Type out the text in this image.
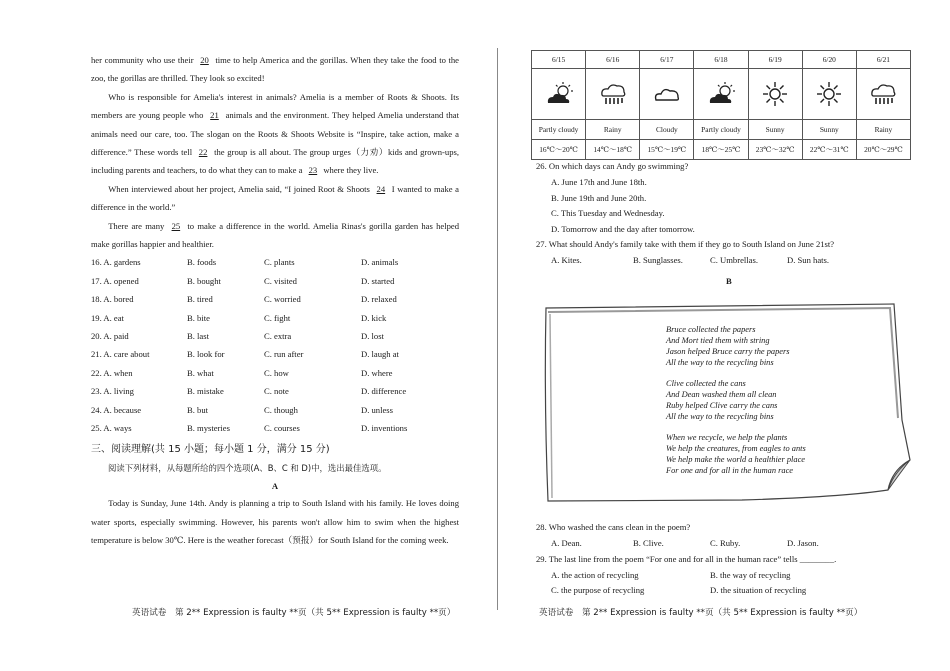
her community who use their 20 time to help America and the gorillas. When they take the food to the zoo, the gorillas are thrilled. They look so excited!

Who is responsible for Amelia's interest in animals? Amelia is a member of Roots & Shoots. Its members are young people who 21 animals and the environment. They helped Amelia understand that animals need our care, too. The slogan on the Roots & Shoots Website is “Inspire, take action, make a difference.” These words tell 22 the group is all about. The group urges（力劝）kids and grown-ups, including parents and teachers, to do what they can to make a 23 where they live.

When interviewed about her project, Amelia said, “I joined Root & Shoots 24 I wanted to make a difference in the world.”

There are many 25 to make a difference in the world. Amelia Rinas's gorilla garden has helped make gorillas happier and healthier.

16. A. gardens	B. foods	C. plants	D. animals
17. A. opened	B. bought	C. visited	D. started
18. A. bored	B. tired	C. worried	D. relaxed
19. A. eat	B. bite	C. fight	D. kick
20. A. paid	B. last	C. extra	D. lost
21. A. care about	B. look for	C. run after	D. laugh at
22. A. when	B. what	C. how	D. where
23. A. living	B. mistake	C. note	D. difference
24. A. because	B. but	C. though	D. unless
25. A. ways	B. mysteries	C. courses	D. inventions
三、阅读理解(共 15 小题；每小题 1 分，满分 15 分)
阅读下列材料，从每题所给的四个选项(A、B、C 和 D)中，选出最佳选项。
A

Today is Sunday, June 14th. Andy is planning a trip to South Island with his family. He loves doing water sports, especially swimming. However, his parents won't allow him to swim when the highest temperature is below 30℃. Here is the weather forecast（预报）for South Island for the coming week.

英语试卷　第 2** Expression is faulty **页（共 5** Expression is faulty **页）
6/15	6/16	6/17	6/18	6/19	6/20	6/21

Partly cloudy	Rainy	Cloudy	Partly cloudy	Sunny	Sunny	Rainy
16℃～20℃	14℃～18℃	15℃～19℃	18℃～25℃	23℃～32℃	22℃～31℃	20℃～29℃
26. On which days can Andy go swimming?
A. June 17th and June 18th.
B. June 19th and June 20th.
C. This Tuesday and Wednesday.
D. Tomorrow and the day after tomorrow.
27. What should Andy's family take with them if they go to South Island on June 21st?
A. Kites.	B. Sunglasses.	C. Umbrellas.	D. Sun hats.
B
Bruce collected the papers
And Mort tied them with string
Jason helped Bruce carry the papers
All the way to the recycling bins
Clive collected the cans
And Dean washed them all clean
Ruby helped Clive carry the cans
All the way to the recycling bins
When we recycle, we help the plants
We help the creatures, from eagles to ants
We help make the world a healthier place
For one and for all in the human race
28. Who washed the cans clean in the poem?
A. Dean.	B. Clive.	C. Ruby.	D. Jason.
29. The last line from the poem “For one and for all in the human race” tells ________.
A. the action of recycling	B. the way of recycling
C. the purpose of recycling	D. the situation of recycling
英语试卷　第 2** Expression is faulty **页（共 5** Expression is faulty **页）
